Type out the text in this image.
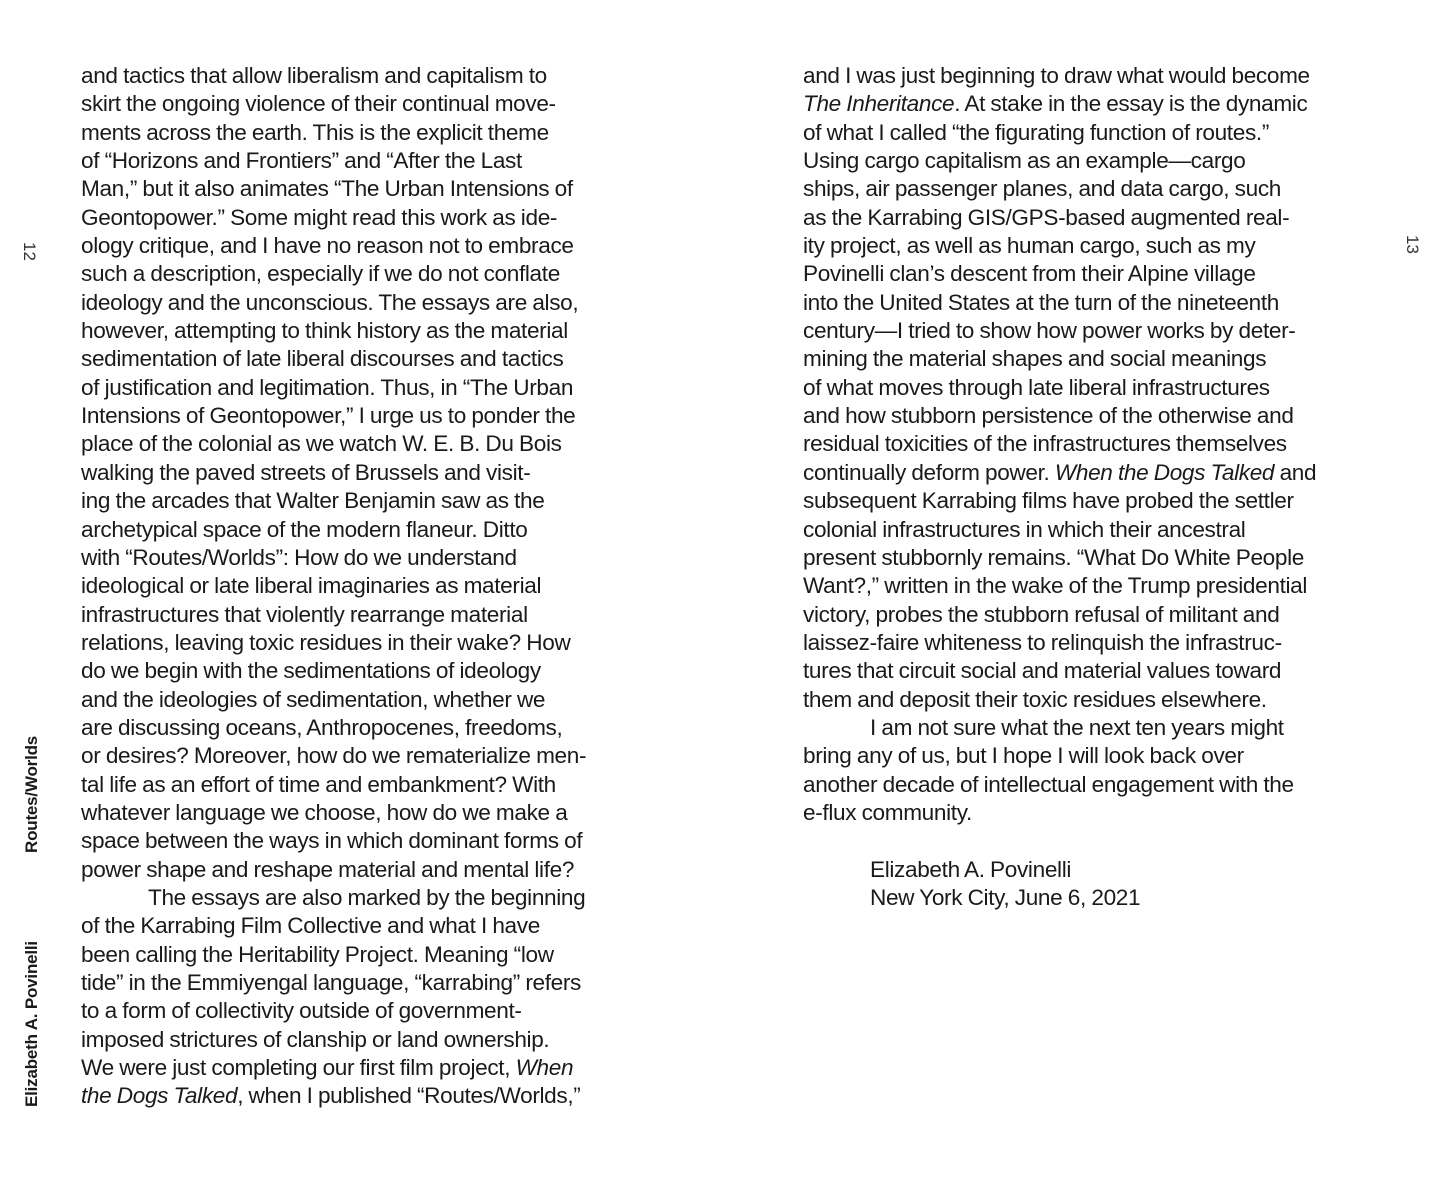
12
Routes/Worlds
Elizabeth A. Povinelli
and tactics that allow liberalism and capitalism to
skirt the ongoing violence of their continual move-
ments across the earth. This is the explicit theme
of “Horizons and Frontiers” and “After the Last
Man,” but it also animates “The Urban Intensions of
Geontopower.” Some might read this work as ide-
ology critique, and I have no reason not to embrace
such a description, especially if we do not conflate
ideology and the unconscious. The essays are also,
however, attempting to think history as the material
sedimentation of late liberal discourses and tactics
of justification and legitimation. Thus, in “The Urban
Intensions of Geontopower,” I urge us to ponder the
place of the colonial as we watch W. E. B. Du Bois
walking the paved streets of Brussels and visit-
ing the arcades that Walter Benjamin saw as the
archetypical space of the modern flaneur. Ditto
with “Routes/Worlds”: How do we understand
ideological or late liberal imaginaries as material
infrastructures that violently rearrange material
relations, leaving toxic residues in their wake? How
do we begin with the sedimentations of ideology
and the ideologies of sedimentation, whether we
are discussing oceans, Anthropocenes, freedoms,
or desires? Moreover, how do we rematerialize men-
tal life as an effort of time and embankment? With
whatever language we choose, how do we make a
space between the ways in which dominant forms of
power shape and reshape material and mental life?
The essays are also marked by the beginning
of the Karrabing Film Collective and what I have
been calling the Heritability Project. Meaning “low
tide” in the Emmiyengal language, “karrabing” refers
to a form of collectivity outside of government-
imposed strictures of clanship or land ownership.
We were just completing our first film project, When
the Dogs Talked, when I published “Routes/Worlds,”
13
and I was just beginning to draw what would become
The Inheritance. At stake in the essay is the dynamic
of what I called “the figurating function of routes.”
Using cargo capitalism as an example—cargo
ships, air passenger planes, and data cargo, such
as the Karrabing GIS/GPS-based augmented real-
ity project, as well as human cargo, such as my
Povinelli clan’s descent from their Alpine village
into the United States at the turn of the nineteenth
century—I tried to show how power works by deter-
mining the material shapes and social meanings
of what moves through late liberal infrastructures
and how stubborn persistence of the otherwise and
residual toxicities of the infrastructures themselves
continually deform power. When the Dogs Talked and
subsequent Karrabing films have probed the settler
colonial infrastructures in which their ancestral
present stubbornly remains. “What Do White People
Want?,” written in the wake of the Trump presidential
victory, probes the stubborn refusal of militant and
laissez-faire whiteness to relinquish the infrastruc-
tures that circuit social and material values toward
them and deposit their toxic residues elsewhere.
I am not sure what the next ten years might
bring any of us, but I hope I will look back over
another decade of intellectual engagement with the
e-flux community.
Elizabeth A. Povinelli
New York City, June 6, 2021
